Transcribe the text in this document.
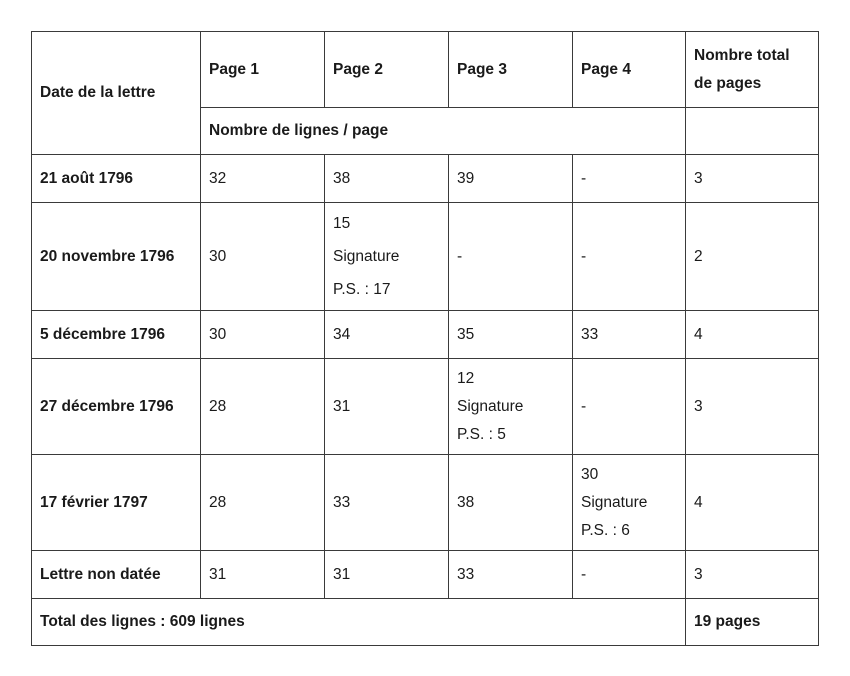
Date de la lettre	Page 1	Page 2	Page 3	Page 4	Nombre total
de pages

	Nombre de lignes / page				
21 août 1796	32	38	39	-	3
20 novembre 1796	30	15
Signature
P.S. : 17	-	-	2
5 décembre 1796	30	34	35	33	4
27 décembre 1796	28	31	12
Signature
P.S. : 5	-	3
17 février 1797	28	33	38	30
Signature
P.S. : 6	4
Lettre non datée	31	31	33	-	3
Total des lignes : 609 lignes					19 pages
